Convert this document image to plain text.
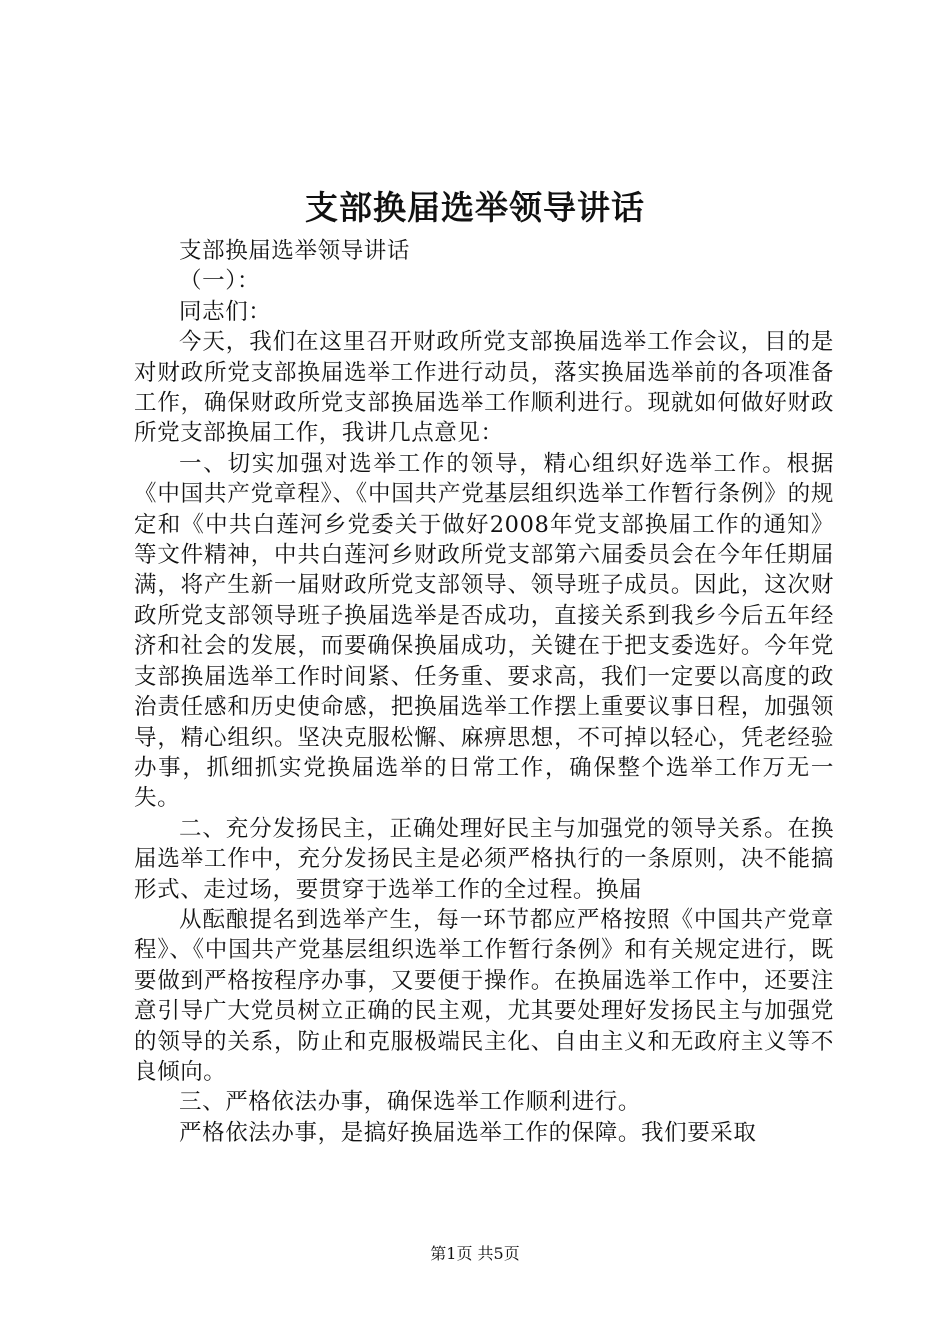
支部换届选举领导讲话

支部换届选举领导讲话

（一）：

同志们：

今天，我们在这里召开财政所党支部换届选举工作会议，目的是对财政所党支部换届选举工作进行动员，落实换届选举前的各项准备工作，确保财政所党支部换届选举工作顺利进行。现就如何做好财政所党支部换届工作，我讲几点意见：

一、切实加强对选举工作的领导，精心组织好选举工作。根据《中国共产党章程》、《中国共产党基层组织选举工作暂行条例》的规定和《中共白莲河乡党委关于做好2008年党支部换届工作的通知》等文件精神，中共白莲河乡财政所党支部第六届委员会在今年任期届满，将产生新一届财政所党支部领导、领导班子成员。因此，这次财政所党支部领导班子换届选举是否成功，直接关系到我乡今后五年经济和社会的发展，而要确保换届成功，关键在于把支委选好。今年党支部换届选举工作时间紧、任务重、要求高，我们一定要以高度的政治责任感和历史使命感，把换届选举工作摆上重要议事日程，加强领导，精心组织。坚决克服松懈、麻痹思想，不可掉以轻心，凭老经验办事，抓细抓实党换届选举的日常工作，确保整个选举工作万无一失。

二、充分发扬民主，正确处理好民主与加强党的领导关系。在换届选举工作中，充分发扬民主是必须严格执行的一条原则，决不能搞形式、走过场，要贯穿于选举工作的全过程。换届

从酝酿提名到选举产生，每一环节都应严格按照《中国共产党章程》、《中国共产党基层组织选举工作暂行条例》和有关规定进行，既要做到严格按程序办事，又要便于操作。在换届选举工作中，还要注意引导广大党员树立正确的民主观，尤其要处理好发扬民主与加强党的领导的关系，防止和克服极端民主化、自由主义和无政府主义等不良倾向。

三、严格依法办事，确保选举工作顺利进行。

严格依法办事，是搞好换届选举工作的保障。我们要采取

第1页 共5页
